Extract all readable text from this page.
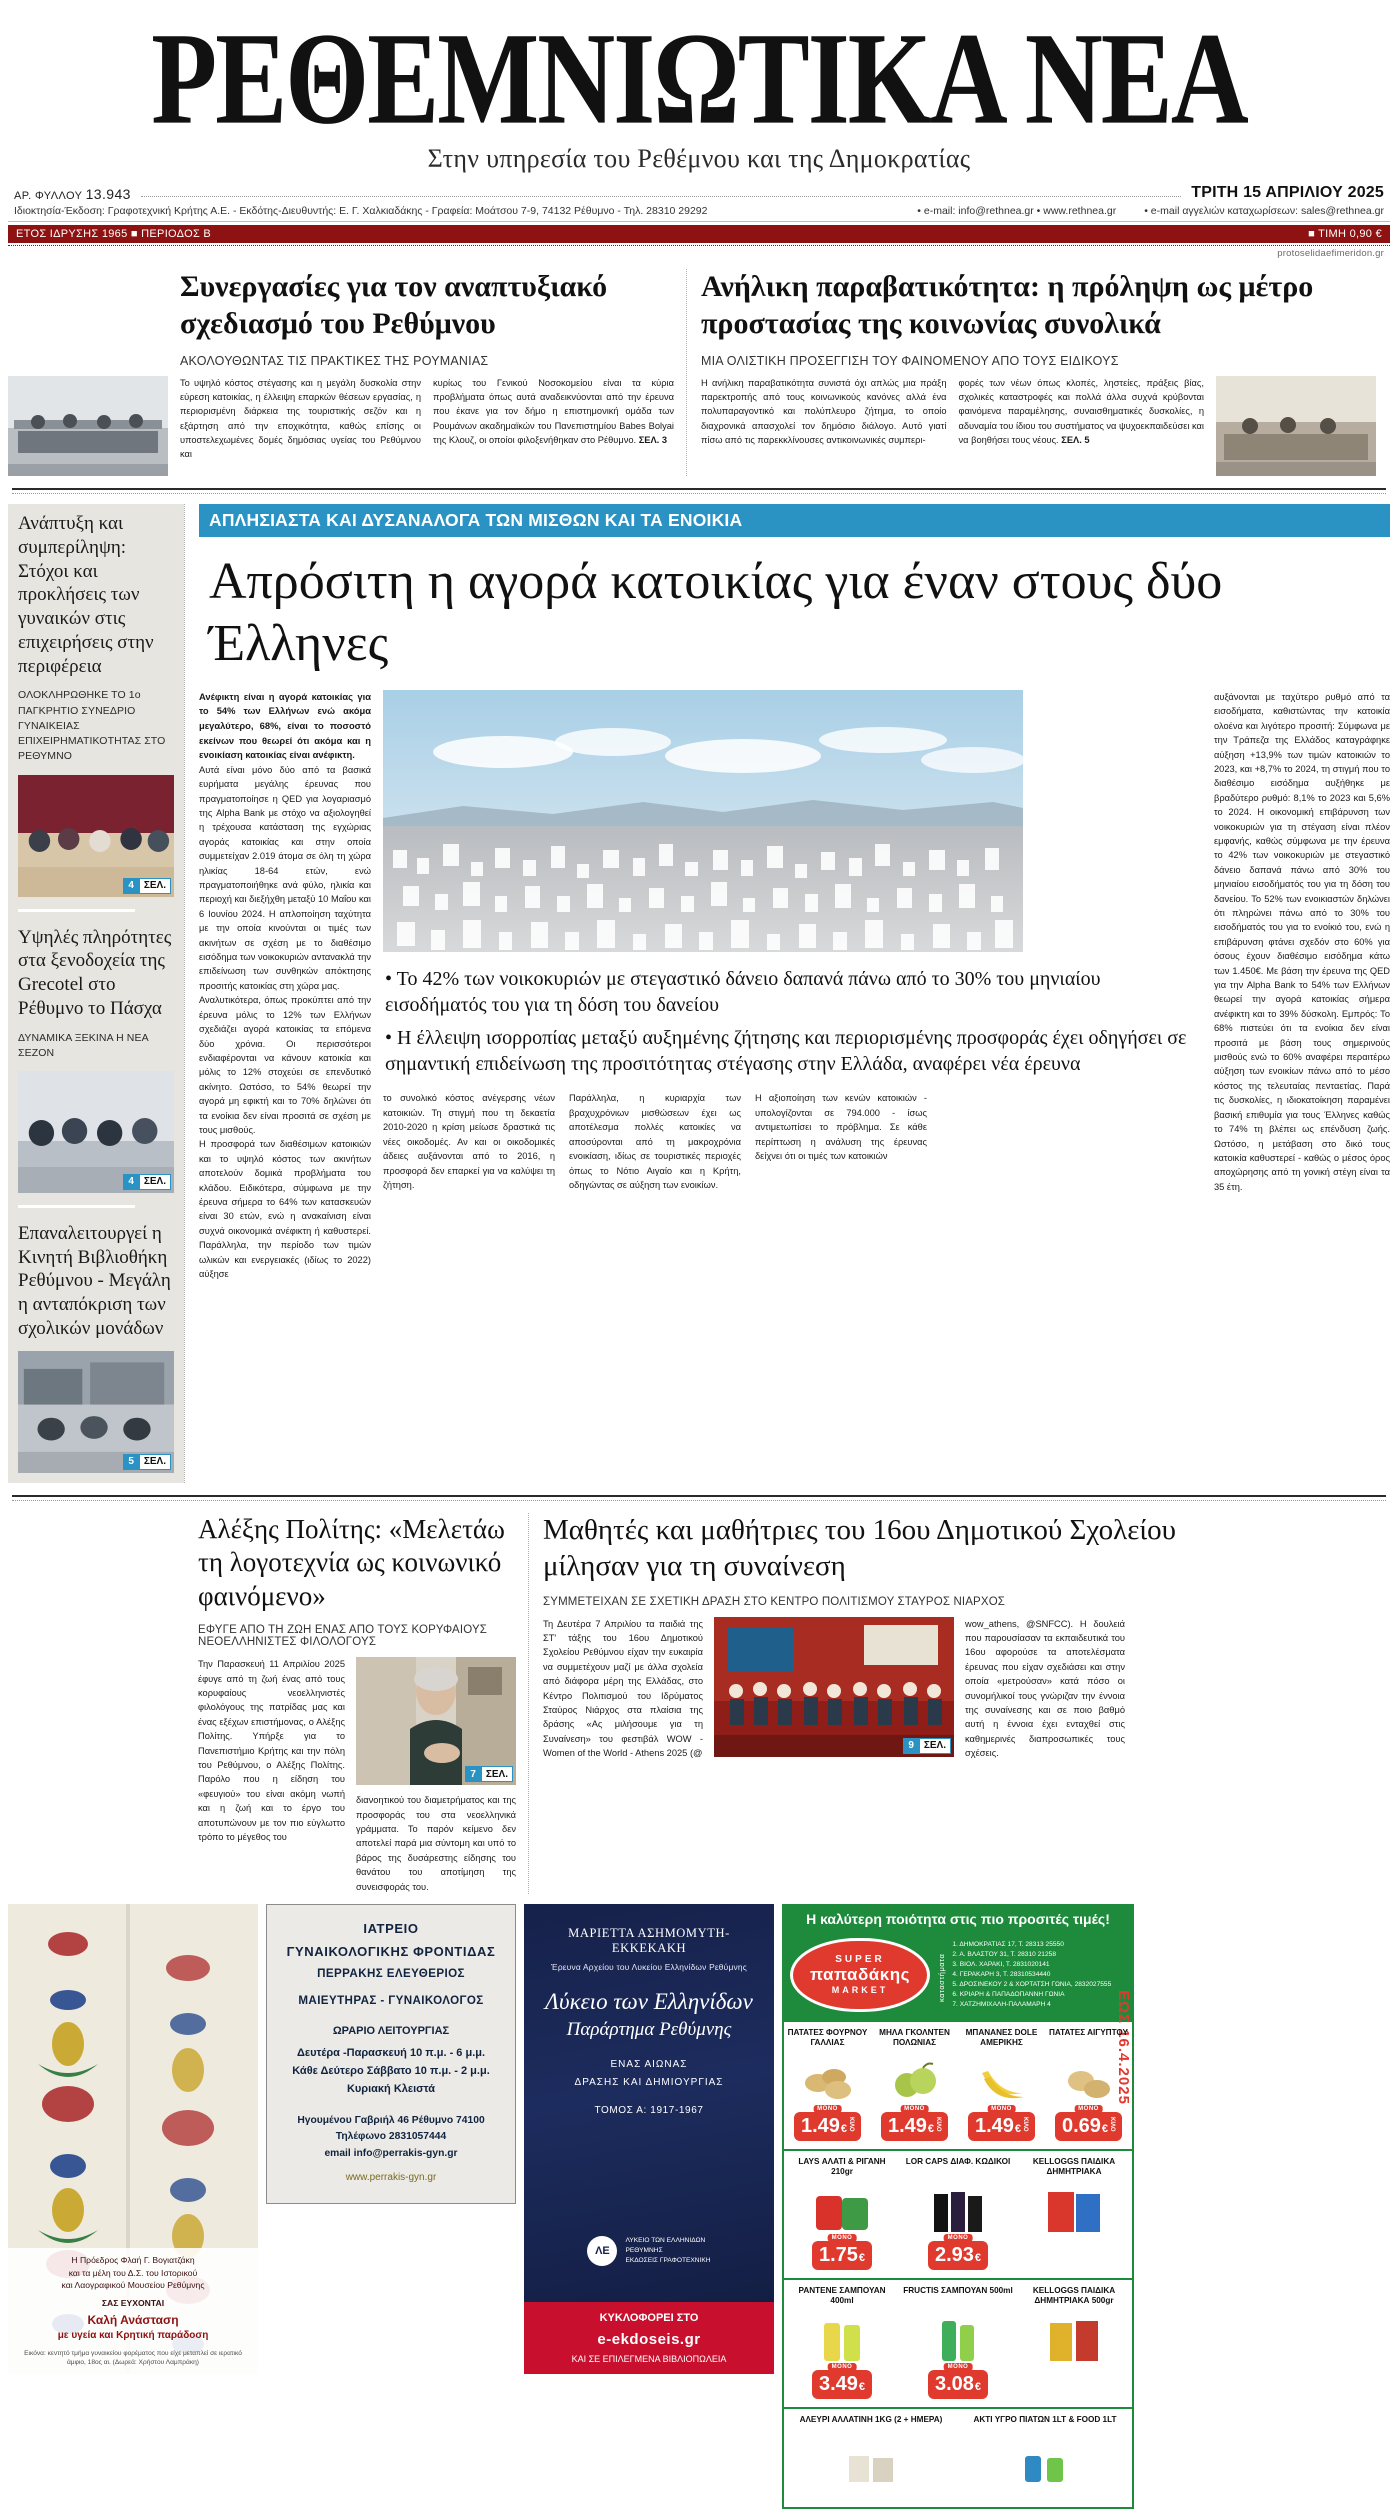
ΡΕΘΕΜΝΙΩΤΙΚΑ ΝΕΑ
Στην υπηρεσία του Ρεθέμνου και της Δημοκρατίας
ΑΡ. ΦΥΛΛΟΥ 13.943	ΤΡΙΤΗ 15 ΑΠΡΙΛΙΟΥ 2025
Ιδιοκτησία-Έκδοση: Γραφοτεχνική Κρήτης Α.Ε. - Εκδότης-Διευθυντής: Ε. Γ. Χαλκιαδάκης - Γραφεία: Μοάτσου 7-9, 74132 Ρέθυμνο - Τηλ. 28310 29292	• e-mail: info@rethnea.gr • www.rethnea.gr	• e-mail αγγελιών καταχωρίσεων: sales@rethnea.gr
ΕΤΟΣ ΙΔΡΥΣΗΣ 1965 ■ ΠΕΡΙΟΔΟΣ Β	■ ΤΙΜΗ 0,90 €
protoselidaefimeridon.gr
Συνεργασίες για τον αναπτυξιακό σχεδιασμό του Ρεθύμνου
ΑΚΟΛΟΥΘΩΝΤΑΣ ΤΙΣ ΠΡΑΚΤΙΚΕΣ ΤΗΣ ΡΟΥΜΑΝΙΑΣ
Το υψηλό κόστος στέγασης και η μεγάλη δυσκολία στην εύρεση κατοικίας, η έλλειψη επαρκών θέσεων εργασίας, η περιορισμένη διάρκεια της τουριστικής σεζόν και η εξάρτηση από την εποχικότητα, καθώς επίσης οι υποστελεχωμένες δομές δημόσιας υγείας του Ρεθύμνου και
κυρίως του Γενικού Νοσοκομείου είναι τα κύρια προβλήματα όπως αυτά αναδεικνύονται από την έρευνα που έκανε για τον δήμο η επιστημονική ομάδα των Ρουμάνων ακαδημαϊκών του Πανεπιστημίου Babes Bolyai της Κλουζ, οι οποίοι φιλοξενήθηκαν στο Ρέθυμνο. ΣΕΛ. 3
Ανήλικη παραβατικότητα: η πρόληψη ως μέτρο προστασίας της κοινωνίας συνολικά
ΜΙΑ ΟΛΙΣΤΙΚΗ ΠΡΟΣΕΓΓΙΣΗ ΤΟΥ ΦΑΙΝΟΜΕΝΟΥ ΑΠΟ ΤΟΥΣ ΕΙΔΙΚΟΥΣ
Η ανήλικη παραβατικότητα συνιστά όχι απλώς μια πράξη παρεκτροπής από τους κοινωνικούς κανόνες αλλά ένα πολυπαραγοντικό και πολύπλευρο ζήτημα, το οποίο διαχρονικά απασχολεί τον δημόσιο διάλογο. Αυτό γιατί πίσω από τις παρεκκλίνουσες αντικοινωνικές συμπερι-
φορές των νέων όπως κλοπές, ληστείες, πράξεις βίας, σχολικές καταστροφές και πολλά άλλα συχνά κρύβονται φαινόμενα παραμέλησης, συναισθηματικές δυσκολίες, η αδυναμία του ίδιου του συστήματος να ψυχοεκπαιδεύσει και να βοηθήσει τους νέους. ΣΕΛ. 5
Ανάπτυξη και συμπερίληψη: Στόχοι και προκλήσεις των γυναικών στις επιχειρήσεις στην περιφέρεια
ΟΛΟΚΛΗΡΩΘΗΚΕ ΤΟ 1ο ΠΑΓΚΡΗΤΙΟ ΣΥΝΕΔΡΙΟ ΓΥΝΑΙΚΕΙΑΣ ΕΠΙΧΕΙΡΗΜΑΤΙΚΟΤΗΤΑΣ ΣΤΟ ΡΕΘΥΜΝΟ
4	ΣΕΛ.
Υψηλές πληρότητες στα ξενοδοχεία της Grecotel στο Ρέθυμνο το Πάσχα
ΔΥΝΑΜΙΚΑ ΞΕΚΙΝΑ Η ΝΕΑ ΣΕΖΟΝ
4	ΣΕΛ.
Επαναλειτουργεί η Κινητή Βιβλιοθήκη Ρεθύμνου - Μεγάλη η ανταπόκριση των σχολικών μονάδων
5	ΣΕΛ.
ΑΠΛΗΣΙΑΣΤΑ ΚΑΙ ΔΥΣΑΝΑΛΟΓΑ ΤΩΝ ΜΙΣΘΩΝ ΚΑΙ ΤΑ ΕΝΟΙΚΙΑ
Απρόσιτη η αγορά κατοικίας για έναν στους δύο Έλληνες
Ανέφικτη είναι η αγορά κατοικίας για το 54% των Ελλήνων ενώ ακόμα μεγαλύτερο, 68%, είναι το ποσοστό εκείνων που θεωρεί ότι ακόμα και η ενοικίαση κατοικίας είναι ανέφικτη.
Αυτά είναι μόνο δύο από τα βασικά ευρήματα μεγάλης έρευνας που πραγματοποίησε η QED για λογαριασμό της Alpha Bank με στόχο να αξιολογηθεί η τρέχουσα κατάσταση της εγχώριας αγοράς κατοικίας και στην οποία συμμετείχαν 2.019 άτομα σε όλη τη χώρα ηλικίας 18-64 ετών, ενώ πραγματοποιήθηκε ανά φύλο, ηλικία και περιοχή και διεξήχθη μεταξύ 10 Μαΐου και 6 Ιουνίου 2024. Η απλοποίηση ταχύτητα με την οποία κινούνται οι τιμές των ακινήτων σε σχέση με το διαθέσιμο εισόδημα των νοικοκυριών αντανακλά την επιδείνωση των συνθηκών απόκτησης προσιτής κατοικίας στη χώρα μας.
Αναλυτικότερα, όπως προκύπτει από την έρευνα μόλις το 12% των Ελλήνων σχεδιάζει αγορά κατοικίας τα επόμενα δύο χρόνια. Οι περισσότεροι ενδιαφέρονται να κάνουν κατοικία και μόλις το 12% στοχεύει σε επενδυτικό ακίνητο. Ωστόσο, το 54% θεωρεί την αγορά μη εφικτή και το 70% δηλώνει ότι τα ενοίκια δεν είναι προσιτά σε σχέση με τους μισθούς.
Η προσφορά των διαθέσιμων κατοικιών και το υψηλό κόστος των ακινήτων αποτελούν δομικά προβλήματα του κλάδου. Ειδικότερα, σύμφωνα με την έρευνα σήμερα το 64% των κατασκευών είναι 30 ετών, ενώ η ανακαίνιση είναι συχνά οικονομικά ανέφικτη ή καθυστερεί. Παράλληλα, την περίοδο των τιμών ωλικών και ενεργειακές (ιδίως το 2022) αύξησε
• Το 42% των νοικοκυριών με στεγαστικό δάνειο δαπανά πάνω από το 30% του μηνιαίου εισοδήματός του για τη δόση του δανείου
• Η έλλειψη ισορροπίας μεταξύ αυξημένης ζήτησης και περιορισμένης προσφοράς έχει οδηγήσει σε σημαντική επιδείνωση της προσιτότητας στέγασης στην Ελλάδα, αναφέρει νέα έρευνα
το συνολικό κόστος ανέγερσης νέων κατοικιών. Τη στιγμή που τη δεκαετία 2010-2020 η κρίση μείωσε δραστικά τις νέες οικοδομές. Αν και οι οικοδομικές άδειες αυξάνονται από το 2016, η προσφορά δεν επαρκεί για να καλύψει τη ζήτηση.
Παράλληλα, η κυριαρχία των βραχυχρόνιων μισθώσεων έχει ως αποτέλεσμα πολλές κατοικίες να αποσύρονται από τη μακροχρόνια ενοικίαση, ιδίως σε τουριστικές περιοχές όπως το Νότιο Αιγαίο και η Κρήτη, οδηγώντας σε αύξηση των ενοικίων.
Η αξιοποίηση των κενών κατοικιών - υπολογίζονται σε 794.000 - ίσως αντιμετωπίσει το πρόβλημα. Σε κάθε περίπτωση η ανάλυση της έρευνας δείχνει ότι οι τιμές των κατοικιών
αυξάνονται με ταχύτερο ρυθμό από τα εισοδήματα, καθιστώντας την κατοικία ολοένα και λιγότερο προσιτή: Σύμφωνα με την Τράπεζα της Ελλάδος καταγράφηκε αύξηση +13,9% των τιμών κατοικιών το 2023, και +8,7% το 2024, τη στιγμή που το διαθέσιμο εισόδημα αυξήθηκε με βραδύτερο ρυθμό: 8,1% το 2023 και 5,6% το 2024. Η οικονομική επιβάρυνση των νοικοκυριών για τη στέγαση είναι πλέον εμφανής, καθώς σύμφωνα με την έρευνα το 42% των νοικοκυριών με στεγαστικό δάνειο δαπανά πάνω από 30% του μηνιαίου εισοδήματός του για τη δόση του δανείου. Το 52% των ενοικιαστών δηλώνει ότι πληρώνει πάνω από το 30% του εισοδήματός του για το ενοίκιό του, ενώ η επιβάρυνση φτάνει σχεδόν στο 60% για όσους έχουν διαθέσιμο εισόδημα κάτω των 1.450€. Με βάση την έρευνα της QED για την Alpha Bank το 54% των Ελλήνων θεωρεί την αγορά κατοικίας σήμερα ανέφικτη και το 39% δύσκολη. Εμπρός: Το 68% πιστεύει ότι τα ενοίκια δεν είναι προσιτά με βάση τους σημερινούς μισθούς ενώ το 60% αναφέρει περαιτέρω αύξηση των ενοικίων πάνω από το μέσο κόστος της τελευταίας πενταετίας. Παρά τις δυσκολίες, η ιδιοκατοίκηση παραμένει βασική επιθυμία για τους Έλληνες καθώς το 74% τη βλέπει ως επένδυση ζωής. Ωστόσο, η μετάβαση στο δικό τους κατοικία καθυστερεί - καθώς ο μέσος όρος αποχώρησης από τη γονική στέγη είναι τα 35 έτη.
Αλέξης Πολίτης: «Μελετάω τη λογοτεχνία ως κοινωνικό φαινόμενο»
ΕΦΥΓΕ ΑΠΟ ΤΗ ΖΩΗ ΕΝΑΣ ΑΠΟ ΤΟΥΣ ΚΟΡΥΦΑΙΟΥΣ ΝΕΟΕΛΛΗΝΙΣΤΕΣ ΦΙΛΟΛΟΓΟΥΣ
Την Παρασκευή 11 Απριλίου 2025 έφυγε από τη ζωή ένας από τους κορυφαίους νεοελληνιστές φιλολόγους της πατρίδας μας και ένας εξέχων επιστήμονας, ο Αλέξης Πολίτης. Υπήρξε για το Πανεπιστήμιο Κρήτης και την πόλη του Ρεθύμνου, ο Αλέξης Πολίτης. Παρόλο που η είδηση του «φευγιού» του είναι ακόμη νωπή και η ζωή και το έργο του αποτυπώνουν με τον πιο εύγλωττο τρόπο το μέγεθος του
7	ΣΕΛ.
διανοητικού του διαμετρήματος και της προσφοράς του στα νεοελληνικά γράμματα. Το παρόν κείμενο δεν αποτελεί παρά μια σύντομη και υπό το βάρος της δυσάρεστης είδησης του θανάτου του αποτίμηση της συνεισφοράς του.
Μαθητές και μαθήτριες του 16ου Δημοτικού Σχολείου μίλησαν για τη συναίνεση
ΣΥΜΜΕΤΕΙΧΑΝ ΣΕ ΣΧΕΤΙΚΗ ΔΡΑΣΗ ΣΤΟ ΚΕΝΤΡΟ ΠΟΛΙΤΙΣΜΟΥ ΣΤΑΥΡΟΣ ΝΙΑΡΧΟΣ
Τη Δευτέρα 7 Απριλίου τα παιδιά της ΣΤ' τάξης του 16ου Δημοτικού Σχολείου Ρεθύμνου είχαν την ευκαιρία να συμμετέχουν μαζί με άλλα σχολεία από διάφορα μέρη της Ελλάδας, στο Κέντρο Πολιτισμού του Ιδρύματος Σταύρος Νιάρχος στα πλαίσια της δράσης «Ας μιλήσουμε για τη Συναίνεση» του φεστιβάλ WOW - Women of the World - Athens 2025 (@
9	ΣΕΛ.
wow_athens, @SNFCC). Η δουλειά που παρουσίασαν τα εκπαιδευτικά του 16ου αφορούσε τα αποτελέσματα έρευνας που είχαν σχεδιάσει και στην οποία «μετρούσαν» κατά πόσο οι συνομήλικοί τους γνώριζαν την έννοια της συναίνεσης και σε ποιο βαθμό αυτή η έννοια έχει ενταχθεί στις καθημερινές διαπροσωπικές τους σχέσεις.
Η Πρόεδρος Φλαή Γ. Βογιατζάκη
και τα μέλη του Δ.Σ. του Ιστορικού
και Λαογραφικού Μουσείου Ρεθύμνης
ΣΑΣ ΕΥΧΟΝΤΑΙ
Καλή Ανάσταση
με υγεία και Κρητική παράδοση
Εικόνα: κεντητό τμήμα γυναικείου φορέματος που είχε μεταπλεί σε ιερατικό άμφιο, 18ος αι. (Δωρεά: Χρήστου Λαμπράκη)
ΙΑΤΡΕΙΟ
ΓΥΝΑΙΚΟΛΟΓΙΚΗΣ ΦΡΟΝΤΙΔΑΣ
ΠΕΡΡΑΚΗΣ ΕΛΕΥΘΕΡΙΟΣ
ΜΑΙΕΥΤΗΡΑΣ - ΓΥΝΑΙΚΟΛΟΓΟΣ
ΩΡΑΡΙΟ ΛΕΙΤΟΥΡΓΙΑΣ
Δευτέρα -Παρασκευή 10 π.μ. - 6 μ.μ.
Κάθε Δεύτερο Σάββατο 10 π.μ. - 2 μ.μ.
Κυριακή Κλειστά
Ηγουμένου Γαβριήλ 46 Ρέθυμνο 74100
Τηλέφωνο 2831057444
email info@perrakis-gyn.gr
www.perrakis-gyn.gr
ΜΑΡΙΕΤΤΑ ΑΣΗΜΟΜΥΤΗ-ΕΚΚΕΚΑΚΗ
Έρευνα Αρχείου του Λυκείου Ελληνίδων Ρεθύμνης
Λύκειο των Ελληνίδων
Παράρτημα Ρεθύμνης
ΕΝΑΣ ΑΙΩΝΑΣ
ΔΡΑΣΗΣ ΚΑΙ ΔΗΜΙΟΥΡΓΙΑΣ
ΤΟΜΟΣ Α: 1917-1967
ΛΕ
ΛΥΚΕΙΟ ΤΩΝ ΕΛΛΗΝΙΔΩΝ
ΡΕΘΥΜΝΗΣ
ΕΚΔΟΣΕΙΣ ΓΡΑΦΟΤΕΧΝΙΚΗ
ΚΥΚΛΟΦΟΡΕΙ ΣΤΟ
e-ekdoseis.gr
ΚΑΙ ΣΕ ΕΠΙΛΕΓΜΕΝΑ ΒΙΒΛΙΟΠΩΛΕΙΑ
Η καλύτερη ποιότητα στις πιο προσιτές τιμές!
SUPER
παπαδάκης
MARKET	καταστήματα
1. ΔΗΜΟΚΡΑΤΙΑΣ 17, Τ. 28313 25550
2. Α. ΒΛΑΣΤΟΥ 31, Τ. 28310 21258
3. ΒΙΟΛ. ΧΑΡΑΚΙ, Τ. 2831020141
4. ΓΕΡΑΚΑΡΗ 3, Τ. 28310534440
5. ΔΡΟΣΙΝΕΚΟΥ 2 & ΧΟΡΤΑΤΣΗ ΓΩΝΙΑ, 2832027555
6. ΚΡΙΑΡΗ & ΠΑΠΑΔΟΠΑΝΝΗ ΓΩΝΙΑ
7. ΧΑΤΖΗΜΙΧΑΛΗ-ΠΑΛΑΜΑΡΗ 4	ΕΩΣ 16.4.2025
ΠΑΤΑΤΕΣ ΦΟΥΡΝΟΥ ΓΑΛΛΙΑΣ
ΜΟΝΟ
1.49 € ΚΙΛΟ
ΜΗΛΑ ΓΚΟΛΝΤΕΝ ΠΟΛΩΝΙΑΣ
ΜΟΝΟ
1.49 € ΚΙΛΟ
ΜΠΑΝΑΝΕΣ DOLE ΑΜΕΡΙΚΗΣ
ΜΟΝΟ
1.49 € ΚΙΛΟ
ΠΑΤΑΤΕΣ ΑΙΓΥΠΤΟΥ
ΜΟΝΟ
0.69 € ΚΙΛΟ
LAYS ΑΛΑΤΙ & ΡΙΓΑΝΗ 210gr
ΜΟΝΟ
1.75 €
LOR CAPS ΔΙΑΦ. ΚΩΔΙΚΟΙ
ΜΟΝΟ
2.93 €
KELLOGGS ΠΑΙΔΙΚΑ ΔΗΜΗΤΡΙΑΚΑ
ΡΑΝΤΕΝΕ ΣΑΜΠΟΥΑΝ 400ml
ΜΟΝΟ
3.49 €
FRUCTIS ΣΑΜΠΟΥΑΝ 500ml
ΜΟΝΟ
3.08 €
KELLOGGS ΠΑΙΔΙΚΑ ΔΗΜΗΤΡΙΑΚΑ 500gr
ΑΛΕΥΡΙ ΑΛΛΑΤΙΝΗ 1KG (2 + ΗΜΕΡΑ)	ΑΚΤΙ ΥΓΡΟ ΠΙΑΤΩΝ 1LT & FOOD 1LT
